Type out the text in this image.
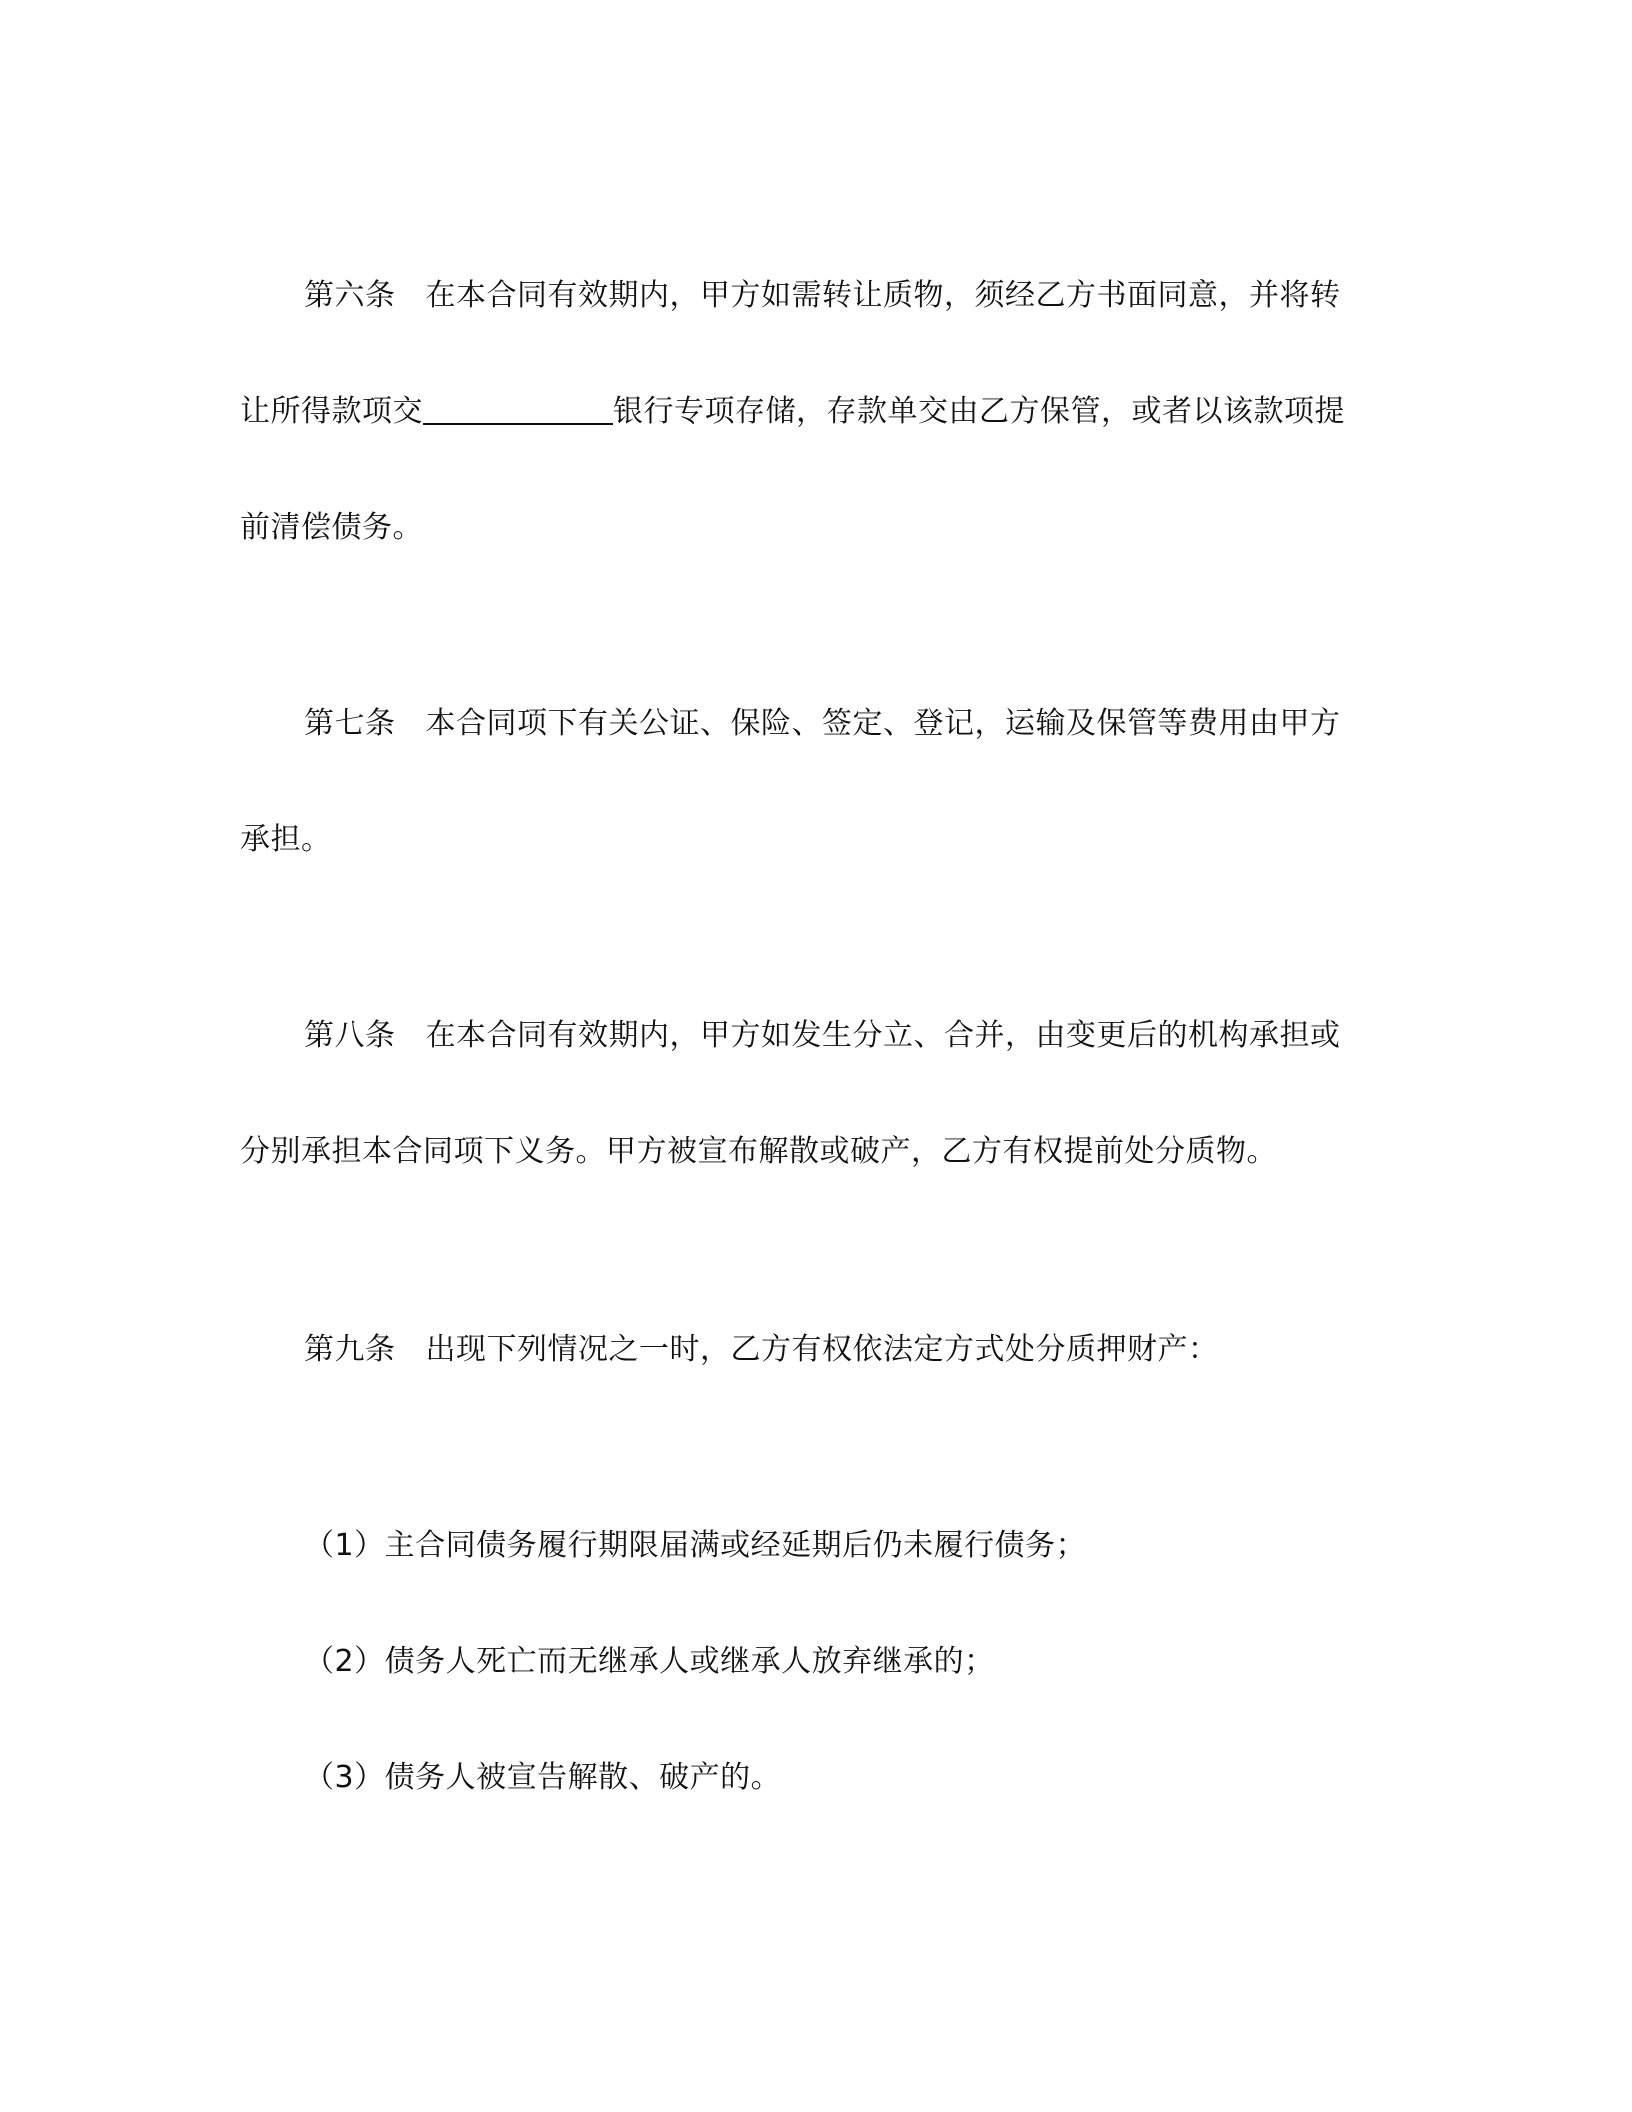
第六条 在本合同有效期内，甲方如需转让质物，须经乙方书面同意，并将转
让所得款项交	银行专项存储，存款单交由乙方保管，或者以该款项提
前清偿债务。
第七条 本合同项下有关公证、保险、签定、登记，运输及保管等费用由甲方
承担。
第八条 在本合同有效期内，甲方如发生分立、合并，由变更后的机构承担或
分别承担本合同项下义务。甲方被宣布解散或破产，乙方有权提前处分质物。
第九条 出现下列情况之一时，乙方有权依法定方式处分质押财产：
（1）主合同债务履行期限届满或经延期后仍未履行债务；
（2）债务人死亡而无继承人或继承人放弃继承的；
（3）债务人被宣告解散、破产的。
